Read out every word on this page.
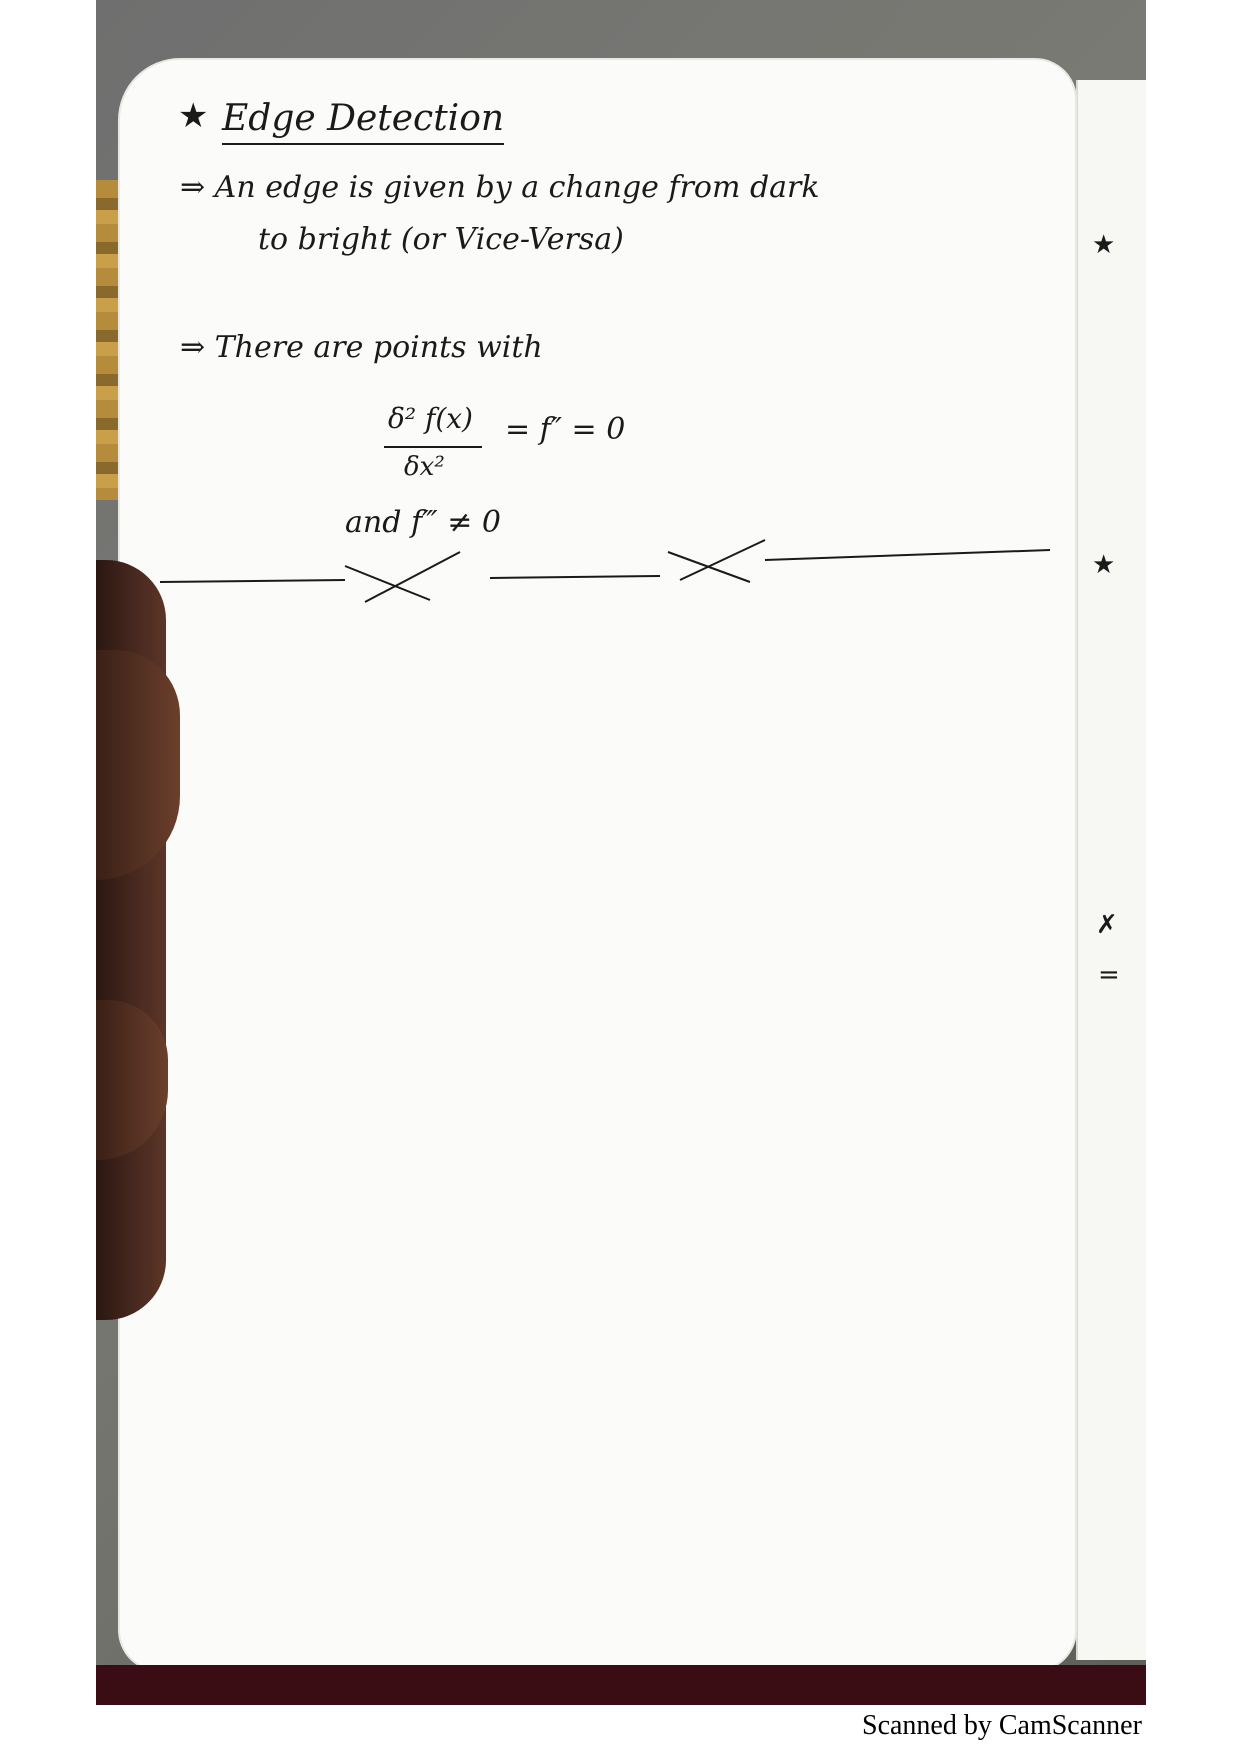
★
★
✗
=
★ Edge Detection
⇒ An edge is given by a change from dark
to bright (or Vice-Versa)
⇒ There are points with
δ² f(x)
δx²
= f″ = 0
and f‴ ≠ 0
Scanned by CamScanner
